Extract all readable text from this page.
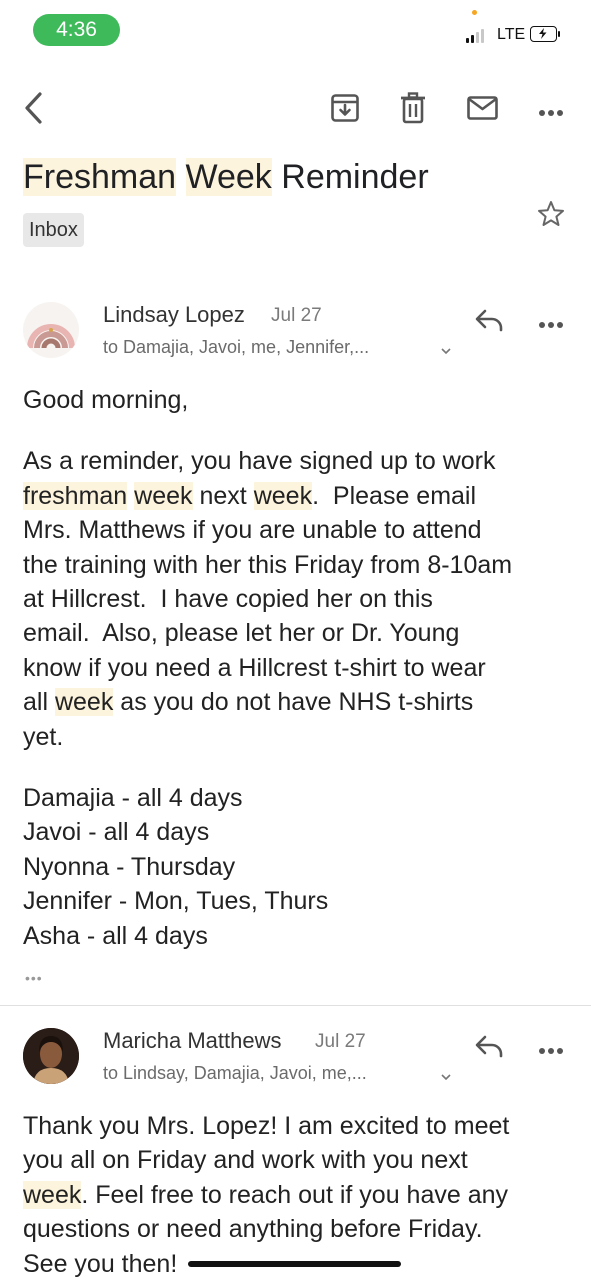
4:36	LTE
Freshman Week Reminder
Inbox
Lindsay Lopez Jul 27
to Damajia, Javoi, me, Jennifer,...
Good morning,
As a reminder, you have signed up to work
freshman week next week.  Please email
Mrs. Matthews if you are unable to attend
the training with her this Friday from 8-10am
at Hillcrest.  I have copied her on this
email.  Also, please let her or Dr. Young
know if you need a Hillcrest t-shirt to wear
all week as you do not have NHS t-shirts
yet.
Damajia - all 4 days
Javoi - all 4 days
Nyonna - Thursday
Jennifer - Mon, Tues, Thurs
Asha - all 4 days
•••
Maricha Matthews Jul 27
to Lindsay, Damajia, Javoi, me,...
Thank you Mrs. Lopez! I am excited to meet
you all on Friday and work with you next
week. Feel free to reach out if you have any
questions or need anything before Friday.
See you then!
